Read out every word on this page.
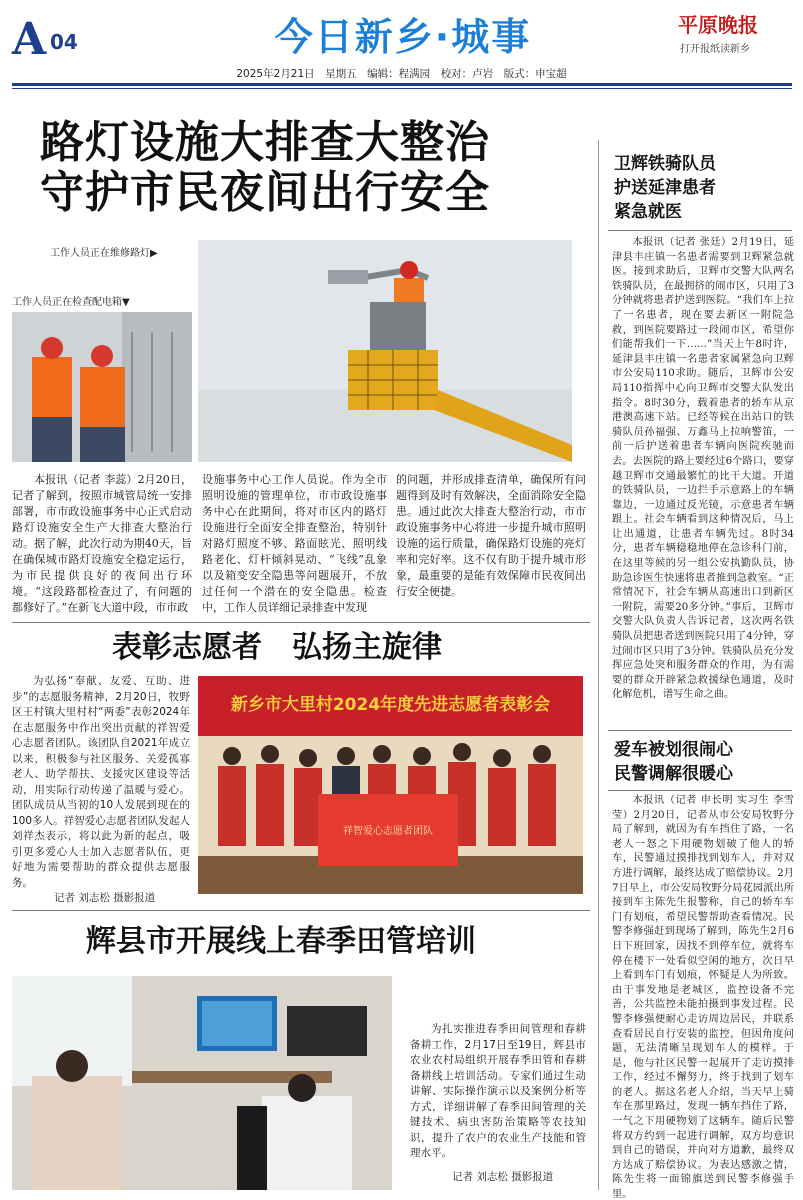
A 04	今日新乡·城事	平原晚报
打开报纸读新乡
2025年2月21日　星期五　编辑：程满园　校对：卢岩　版式：申宝超
路灯设施大排查大整治
守护市民夜间出行安全
工作人员正在维修路灯▶
工作人员正在检查配电箱▼

本报讯（记者 李蕊）2月20日，记者了解到，按照市城管局统一安排部署，市市政设施事务中心正式启动路灯设施安全生产大排查大整治行动。据了解，此次行动为期40天，旨在确保城市路灯设施安全稳定运行，为市民提供良好的夜间出行环境。“这段路都检查过了，有问题的都修好了。”在新飞大道中段，市市政

设施事务中心工作人员说。作为全市照明设施的管理单位，市市政设施事务中心在此期间，将对市区内的路灯设施进行全面安全排查整治，特别针对路灯照度不够、路面眩光、照明线路老化、灯杆倾斜晃动、“飞线”乱象以及箱变安全隐患等问题展开，不放过任何一个潜在的安全隐患。检查中，工作人员详细记录排查中发现

的问题，并形成排查清单，确保所有问题得到及时有效解决，全面消除安全隐患。通过此次大排查大整治行动，市市政设施事务中心将进一步提升城市照明设施的运行质量，确保路灯设施的亮灯率和完好率。这不仅有助于提升城市形象，最重要的是能有效保障市民夜间出行安全便捷。

表彰志愿者　弘扬主旋律

为弘扬“奉献、友爱、互助、进步”的志愿服务精神，2月20日，牧野区王村镇大里村村“两委”表彰2024年在志愿服务中作出突出贡献的祥智爱心志愿者团队。该团队自2021年成立以来，积极参与社区服务、关爱孤寡老人、助学帮扶、支援灾区建设等活动，用实际行动传递了温暖与爱心。团队成员从当初的10人发展到现在的100多人。祥智爱心志愿者团队发起人刘祥杰表示，将以此为新的起点，吸引更多爱心人士加入志愿者队伍，更好地为需要帮助的群众提供志愿服务。

记者 刘志松 摄影报道

新乡市大里村2024年度先进志愿者表彰会
祥智爱心志愿者团队
辉县市开展线上春季田管培训

为扎实推进春季田间管理和春耕备耕工作，2月17日至19日，辉县市农业农村局组织开展春季田管和春耕备耕线上培训活动。专家们通过生动讲解、实际操作演示以及案例分析等方式，详细讲解了春季田间管理的关键技术、病虫害防治策略等农技知识，提升了农户的农业生产技能和管理水平。

记者 刘志松 摄影报道

卫辉铁骑队员
护送延津患者
紧急就医

本报讯（记者 张廷）2月19日，延津县丰庄镇一名患者需要到卫辉紧急就医。接到求助后，卫辉市交警大队两名铁骑队员，在最拥挤的闹市区，只用了3分钟就将患者护送到医院。“我们车上拉了一名患者，现在要去新区一附院急救，到医院要路过一段闹市区，希望你们能帮我们一下……”当天上午8时许，延津县丰庄镇一名患者家属紧急向卫辉市公安局110求助。随后，卫辉市公安局110指挥中心向卫辉市交警大队发出指令。8时30分，载着患者的轿车从京港澳高速下站。已经等候在出站口的铁骑队员孙福强、万鑫马上拉响警笛，一前一后护送着患者车辆向医院疾驰而去。去医院的路上要经过6个路口，要穿越卫辉市交通最繁忙的比干大道。开道的铁骑队员，一边拦手示意路上的车辆靠边，一边通过反光镜，示意患者车辆跟上。社会车辆看到这种情况后，马上让出通道，让患者车辆先过。8时34分，患者车辆稳稳地停在急诊科门前，在这里等候的另一组公安执勤队员，协助急诊医生快速将患者推到急救室。“正常情况下，社会车辆从高速出口到新区一附院，需要20多分钟。”事后，卫辉市交警大队负责人告诉记者，这次两名铁骑队员把患者送到医院只用了4分钟，穿过闹市区只用了3分钟。铁骑队员充分发挥应急处突和服务群众的作用，为有需要的群众开辟紧急救援绿色通道，及时化解危机，谱写生命之曲。

爱车被划很闹心
民警调解很暖心

本报讯（记者 申长明 实习生 李雪莹）2月20日，记者从市公安局牧野分局了解到，就因为有车挡住了路，一名老人一怒之下用硬物划破了他人的轿车，民警通过摸排找到划车人，并对双方进行调解，最终达成了赔偿协议。2月7日早上，市公安局牧野分局花园派出所接到车主陈先生报警称，自己的轿车车门有划痕，希望民警帮助查看情况。民警李修强赶到现场了解到，陈先生2月6日下班回家，因找不到停车位，就将车停在楼下一处看似空闲的地方，次日早上看到车门有划痕，怀疑是人为所致。由于事发地是老城区，监控设备不完善，公共监控未能拍摄到事发过程。民警李修强便耐心走访周边居民，并联系查看居民自行安装的监控，但因角度问题，无法清晰呈现划车人的模样。于是，他与社区民警一起展开了走访摸排工作，经过不懈努力，终于找到了划车的老人。据这名老人介绍，当天早上骑车在那里路过，发现一辆车挡住了路，一气之下用硬物划了这辆车。随后民警将双方约到一起进行调解，双方均意识到自己的错误，并向对方道歉，最终双方达成了赔偿协议。为表达感激之情，陈先生将一面锦旗送到民警李修强手里。
